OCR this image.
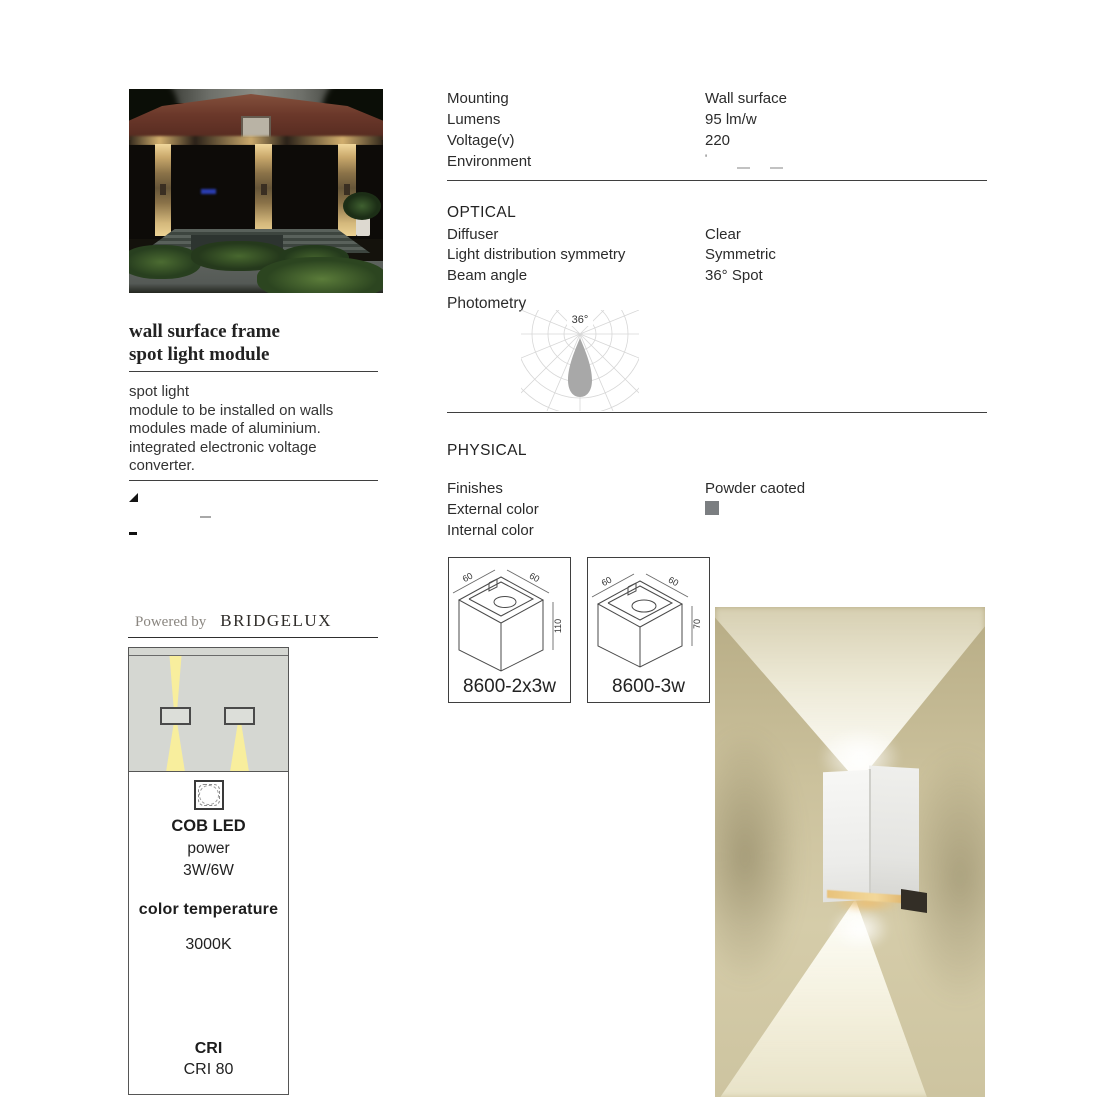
wall surface frame
spot light module
spot light
module to be installed on walls
modules made of aluminium.
integrated electronic voltage
converter.
Powered by BRIDGELUX
COB LED
power
3W/6W
color temperature
3000K
CRI
CRI 80
Mounting	Wall surface
Lumens	95 lm/w
Voltage(v)	220
Environment	'
OPTICAL
Diffuser	Clear
Light distribution symmetry	Symmetric
Beam angle	36° Spot
Photometry
36°
PHYSICAL
Finishes	Powder caoted
External color
Internal color
60	60
110
8600-2x3w
60	60
70
8600-3w
